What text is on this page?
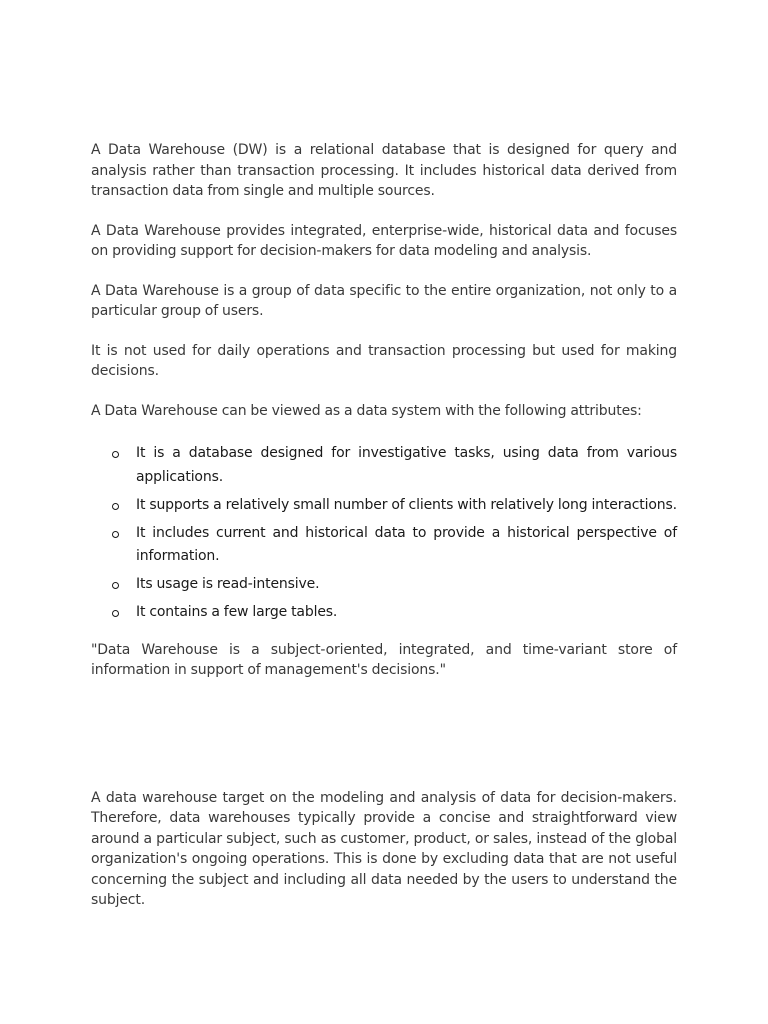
A Data Warehouse (DW) is a relational database that is designed for query and analysis rather than transaction processing. It includes historical data derived from transaction data from single and multiple sources.

A Data Warehouse provides integrated, enterprise-wide, historical data and focuses on providing support for decision-makers for data modeling and analysis.

A Data Warehouse is a group of data specific to the entire organization, not only to a particular group of users.

It is not used for daily operations and transaction processing but used for making decisions.

A Data Warehouse can be viewed as a data system with the following attributes:

It is a database designed for investigative tasks, using data from various applications.
It supports a relatively small number of clients with relatively long interactions.
It includes current and historical data to provide a historical perspective of information.
Its usage is read-intensive.
It contains a few large tables.

"Data Warehouse is a subject-oriented, integrated, and time-variant store of information in support of management's decisions."

A data warehouse target on the modeling and analysis of data for decision-makers. Therefore, data warehouses typically provide a concise and straightforward view around a particular subject, such as customer, product, or sales, instead of the global organization's ongoing operations. This is done by excluding data that are not useful concerning the subject and including all data needed by the users to understand the subject.
